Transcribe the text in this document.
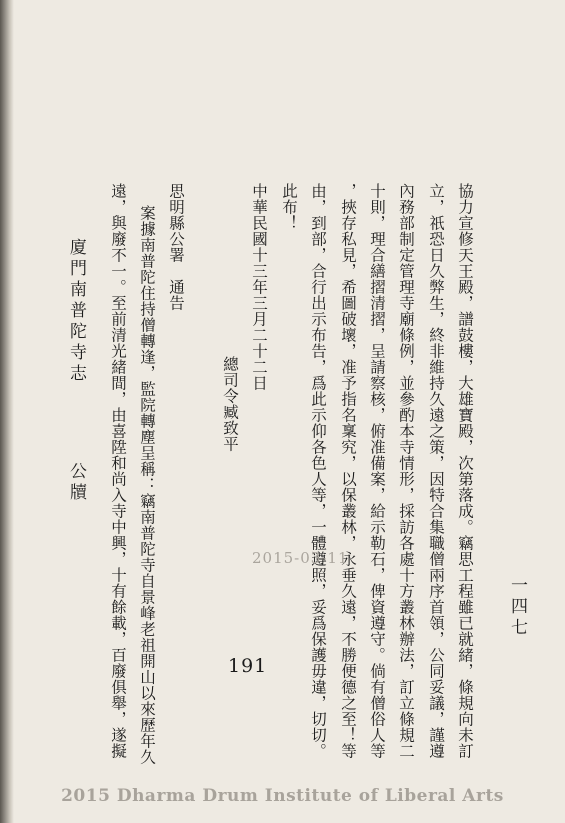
一四七
協力宣修天王殿，譜鼓樓，大雄寶殿，次第落成。竊思工程雖已就緒，條規向未訂
立，祇恐日久弊生，終非維持久遠之策，因特合集職僧兩序首領，公同妥議，謹遵
內務部制定管理寺廟條例，並參酌本寺情形，採訪各處十方叢林辦法，訂立條規二
十則，理合繕摺清摺，呈請察核，俯准備案，給示勒石，俾資遵守。倘有僧俗人等
，挾存私見，希圖破壞，准予指名稟究，以保叢林，永垂久遠，不勝便德之至！等
由，到部，合行出示布告，爲此示仰各色人等，一體遵照，妥爲保護毋違，切切。
此布！
中華民國十三年三月二十二日
總司令臧致平
思明縣公署　通告
案據南普陀住持僧轉逢，監院轉塵呈稱：竊南普陀寺自景峰老祖開山以來歷年久
遠，與廢不一。至前清光緒間，由喜陞和尚入寺中興，十有餘載，百廢俱舉，遂擬
廈門南普陀寺志
公牘
191
2015-03-11
2015 Dharma Drum Institute of Liberal Arts
